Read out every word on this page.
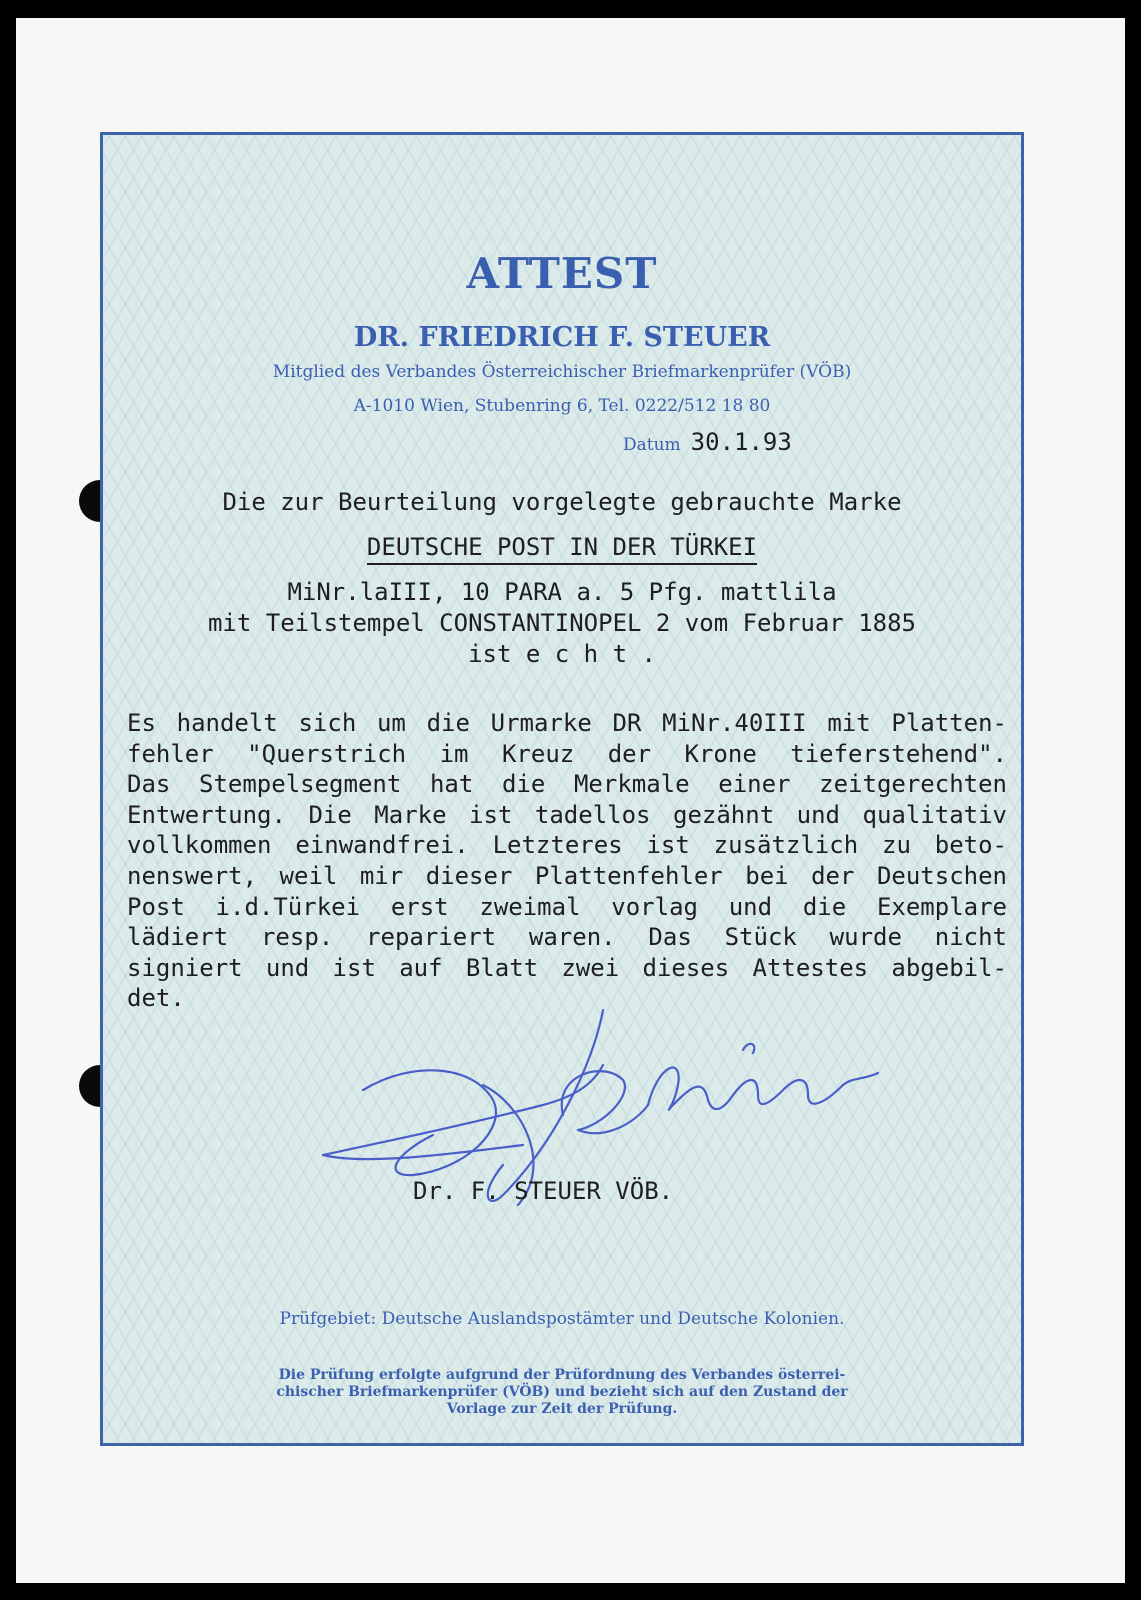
ATTEST
DR. FRIEDRICH F. STEUER
Mitglied des Verbandes Österreichischer Briefmarkenprüfer (VÖB)
A-1010 Wien, Stubenring 6, Tel. 0222/512 18 80
Datum 30.1.93
Die zur Beurteilung vorgelegte gebrauchte Marke
DEUTSCHE POST IN DER TÜRKEI
MiNr.laIII, 10 PARA a. 5 Pfg. mattlila
mit Teilstempel CONSTANTINOPEL 2 vom Februar 1885
ist e c h t .
Es handelt sich um die Urmarke DR MiNr.40III mit Platten-
fehler "Querstrich im Kreuz der Krone tieferstehend".
Das Stempelsegment hat die Merkmale einer zeitgerechten
Entwertung. Die Marke ist tadellos gezähnt und qualitativ
vollkommen einwandfrei. Letzteres ist zusätzlich zu beto-
nenswert, weil mir dieser Plattenfehler bei der Deutschen
Post i.d.Türkei erst zweimal vorlag und die Exemplare
lädiert resp. repariert waren. Das Stück wurde nicht
signiert und ist auf Blatt zwei dieses Attestes abgebil-
det.
Dr. F. STEUER VÖB.
Prüfgebiet: Deutsche Auslandspostämter und Deutsche Kolonien.
Die Prüfung erfolgte aufgrund der Prüfordnung des Verbandes österrei-
chischer Briefmarkenprüfer (VÖB) und bezieht sich auf den Zustand der
Vorlage zur Zeit der Prüfung.
